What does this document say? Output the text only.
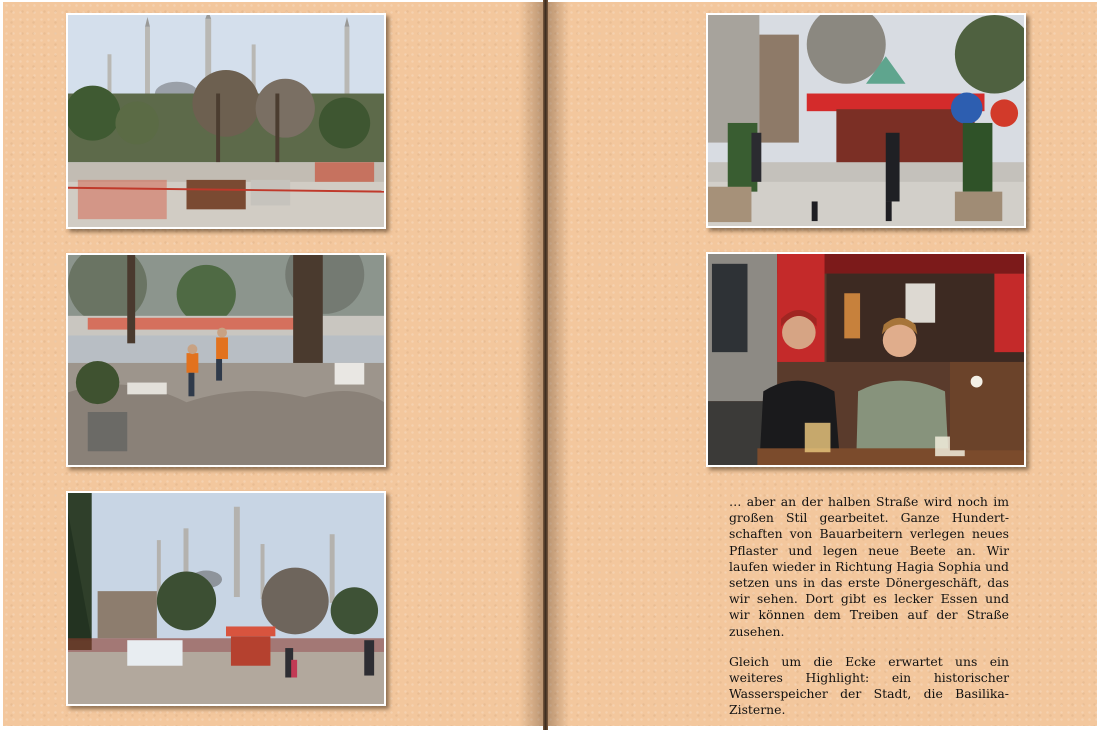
… aber an der halben Straße wird noch im großen Stil gearbeitet. Ganze Hundertschaften von Bauarbeitern verlegen neues Pflaster und legen neue Beete an. Wir laufen wieder in Richtung Hagia Sophia und setzen uns in das erste Dönergeschäft, das wir sehen. Dort gibt es lecker Essen und wir können dem Treiben auf der Straße zusehen.

Gleich um die Ecke erwartet uns ein weiteres Highlight: ein historischer Wasserspeicher der Stadt, die Basilika-Zisterne.
